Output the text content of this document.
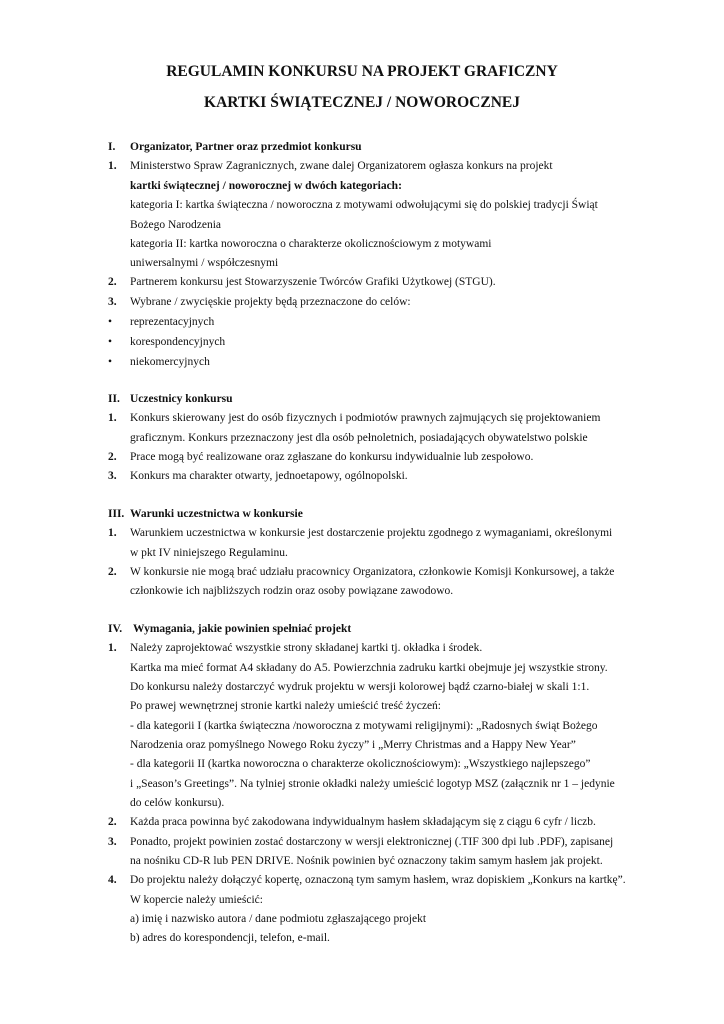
REGULAMIN KONKURSU NA PROJEKT GRAFICZNY
KARTKI ŚWIĄTECZNEJ / NOWOROCZNEJ
I. Organizator, Partner oraz przedmiot konkursu
1. Ministerstwo Spraw Zagranicznych, zwane dalej Organizatorem ogłasza konkurs na projekt
kartki świątecznej / noworocznej w dwóch kategoriach:
kategoria I: kartka świąteczna / noworoczna z motywami odwołującymi się do polskiej tradycji Świąt
Bożego Narodzenia
kategoria II: kartka noworoczna o charakterze okolicznościowym z motywami
uniwersalnymi / współczesnymi
2. Partnerem konkursu jest Stowarzyszenie Twórców Grafiki Użytkowej (STGU).
3. Wybrane / zwycięskie projekty będą przeznaczone do celów:
• reprezentacyjnych
• korespondencyjnych
• niekomercyjnych
II. Uczestnicy konkursu
1. Konkurs skierowany jest do osób fizycznych i podmiotów prawnych zajmujących się projektowaniem
graficznym. Konkurs przeznaczony jest dla osób pełnoletnich, posiadających obywatelstwo polskie
2. Prace mogą być realizowane oraz zgłaszane do konkursu indywidualnie lub zespołowo.
3. Konkurs ma charakter otwarty, jednoetapowy, ogólnopolski.
III. Warunki uczestnictwa w konkursie
1. Warunkiem uczestnictwa w konkursie jest dostarczenie projektu zgodnego z wymaganiami, określonymi
w pkt IV niniejszego Regulaminu.
2. W konkursie nie mogą brać udziału pracownicy Organizatora, członkowie Komisji Konkursowej, a także
członkowie ich najbliższych rodzin oraz osoby powiązane zawodowo.
IV. Wymagania, jakie powinien spełniać projekt
1. Należy zaprojektować wszystkie strony składanej kartki tj. okładka i środek.
Kartka ma mieć format A4 składany do A5. Powierzchnia zadruku kartki obejmuje jej wszystkie strony.
Do konkursu należy dostarczyć wydruk projektu w wersji kolorowej bądź czarno-białej w skali 1:1.
Po prawej wewnętrznej stronie kartki należy umieścić treść życzeń:
- dla kategorii I (kartka świąteczna /noworoczna z motywami religijnymi): „Radosnych świąt Bożego
Narodzenia oraz pomyślnego Nowego Roku życzy” i „Merry Christmas and a Happy New Year”
- dla kategorii II (kartka noworoczna o charakterze okolicznościowym): „Wszystkiego najlepszego”
i „Season’s Greetings”. Na tylniej stronie okładki należy umieścić logotyp MSZ (załącznik nr 1 – jedynie
do celów konkursu).
2. Każda praca powinna być zakodowana indywidualnym hasłem składającym się z ciągu 6 cyfr / liczb.
3. Ponadto, projekt powinien zostać dostarczony w wersji elektronicznej (.TIF 300 dpi lub .PDF), zapisanej
na nośniku CD-R lub PEN DRIVE. Nośnik powinien być oznaczony takim samym hasłem jak projekt.
4. Do projektu należy dołączyć kopertę, oznaczoną tym samym hasłem, wraz dopiskiem „Konkurs na kartkę”.
W kopercie należy umieścić:
a) imię i nazwisko autora / dane podmiotu zgłaszającego projekt
b) adres do korespondencji, telefon, e-mail.
